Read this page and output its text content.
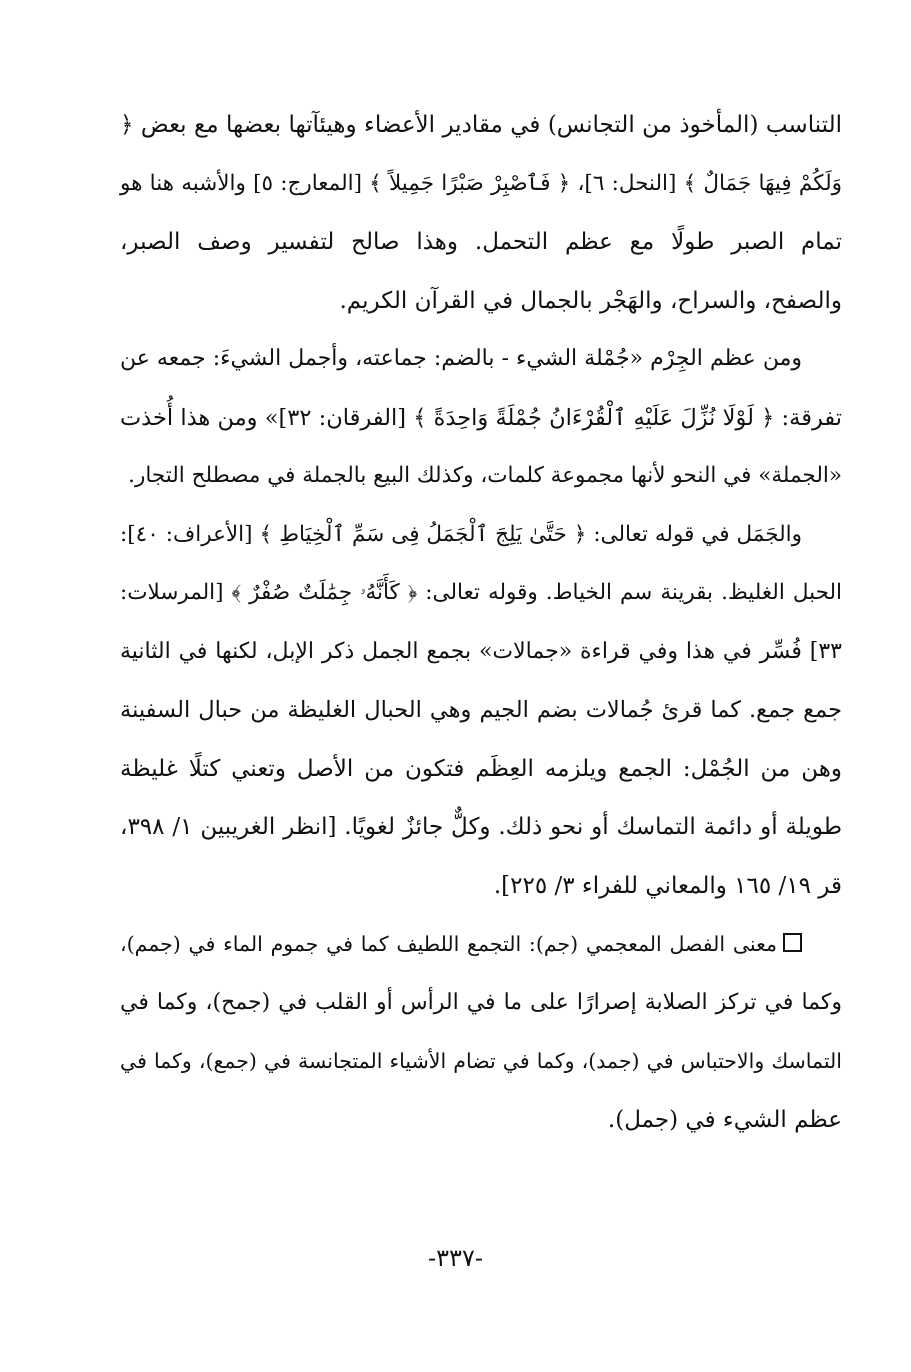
التناسب (المأخوذ من التجانس) في مقادير الأعضاء وهيئآتها بعضها مع بعض ﴿
وَلَكُمْ فِيهَا جَمَالٌ ﴾ [النحل: ٦]، ﴿ فَٱصْبِرْ صَبْرًا جَمِيلاً ﴾ [المعارج: ٥] والأشبه هنا هو
تمام الصبر طولًا مع عظم التحمل. وهذا صالح لتفسير وصف الصبر،
والصفح، والسراح، والهَجْر بالجمال في القرآن الكريم.
ومن عظم الجِرْم «جُمْلة الشيء - بالضم: جماعته، وأجمل الشيءَ: جمعه عن
تفرقة: ﴿ لَوْلَا نُزِّلَ عَلَيْهِ ٱلْقُرْءَانُ جُمْلَةً وَاحِدَةً ﴾ [الفرقان: ٣٢]» ومن هذا أُخذت
«الجملة» في النحو لأنها مجموعة كلمات، وكذلك البيع بالجملة في مصطلح التجار.
والجَمَل في قوله تعالى: ﴿ حَتَّىٰ يَلِجَ ٱلْجَمَلُ فِى سَمِّ ٱلْخِيَاطِ ﴾ [الأعراف: ٤٠]:
الحبل الغليظ. بقرينة سم الخياط. وقوله تعالى: ﴿ كَأَنَّهُۥ جِمَٰلَتٌ صُفْرٌ ﴾ [المرسلات:
٣٣] فُسِّر في هذا وفي قراءة «جمالات» بجمع الجمل ذكر الإبل، لكنها في الثانية
جمع جمع. كما قرئ جُمالات بضم الجيم وهي الحبال الغليظة من حبال السفينة
وهن من الجُمْل: الجمع ويلزمه العِظَم فتكون من الأصل وتعني كتلًا غليظة
طويلة أو دائمة التماسك أو نحو ذلك. وكلٌّ جائزٌ لغويًا. [انظر الغريبين ١/ ٣٩٨،
قر ١٩/ ١٦٥ والمعاني للفراء ٣/ ٢٢٥].
معنى الفصل المعجمي (جم): التجمع اللطيف كما في جموم الماء في (جمم)،
وكما في تركز الصلابة إصرارًا على ما في الرأس أو القلب في (جمح)، وكما في
التماسك والاحتباس في (جمد)، وكما في تضام الأشياء المتجانسة في (جمع)، وكما في
عظم الشيء في (جمل).
-٣٣٧-
